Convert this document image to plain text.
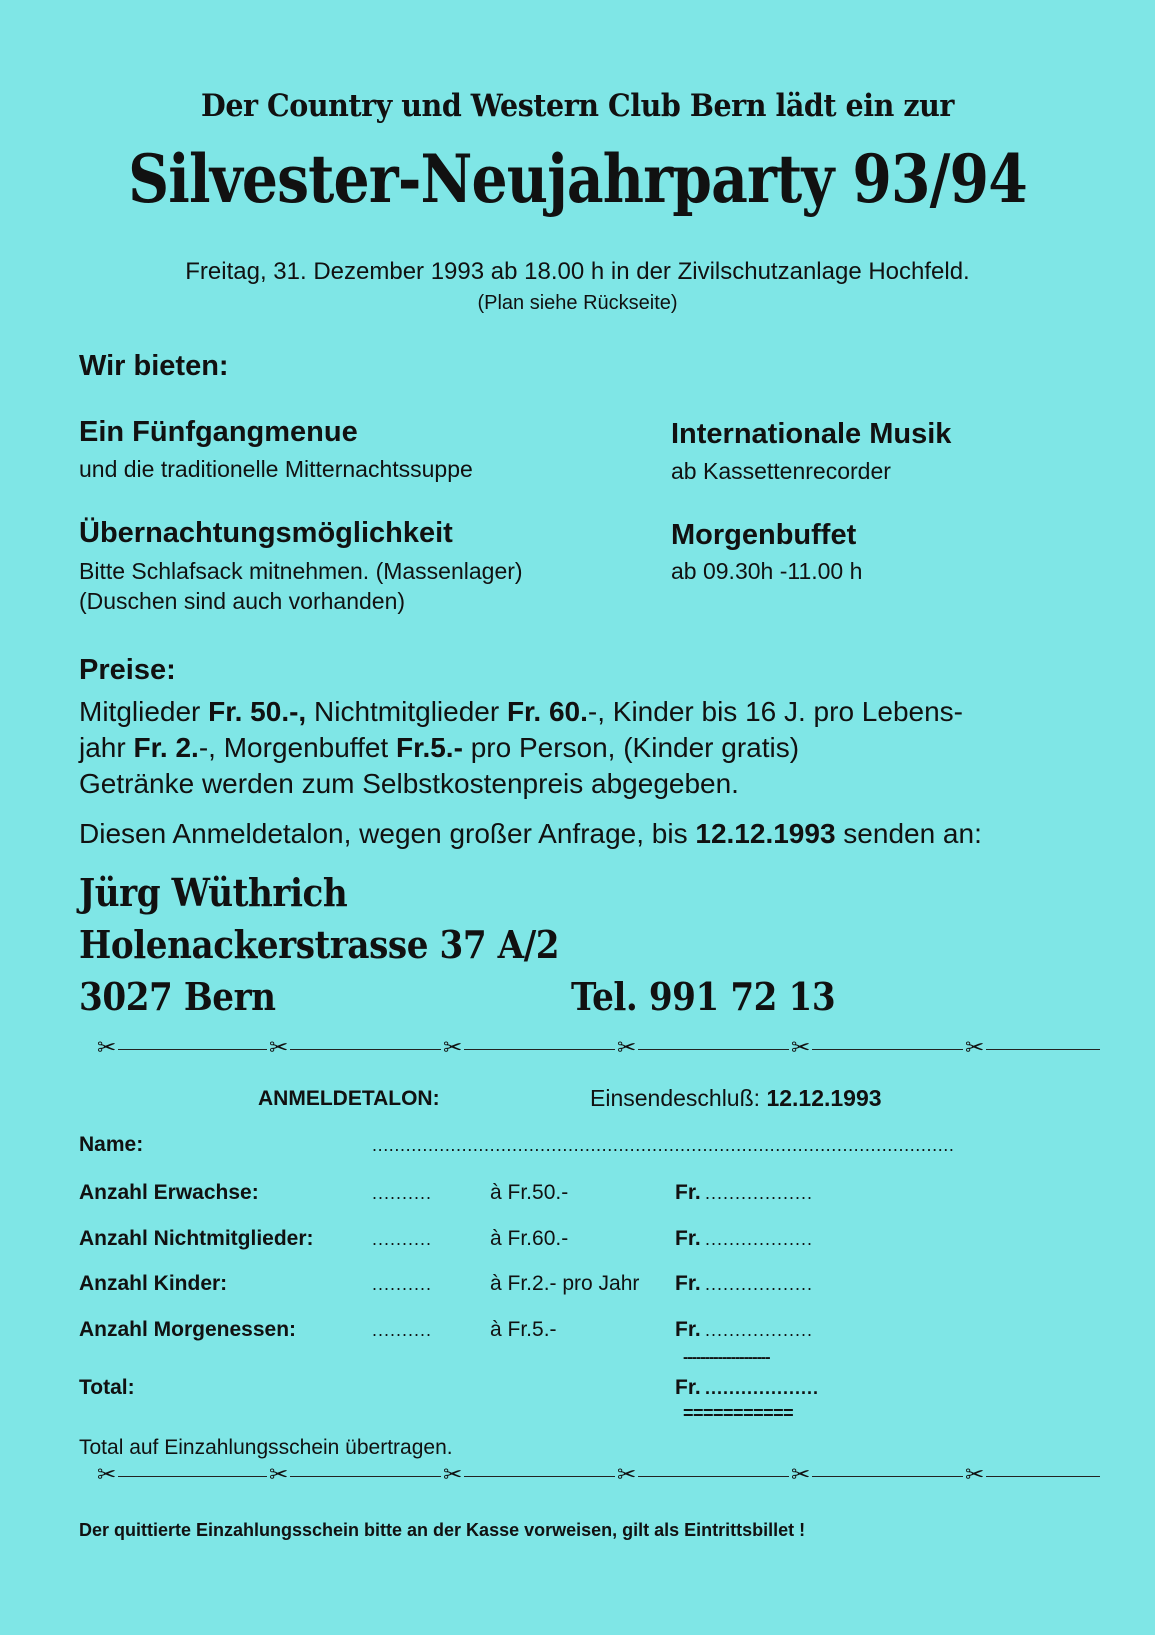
Der Country und Western Club Bern lädt ein zur
Silvester-Neujahrparty 93/94
Freitag, 31. Dezember 1993 ab 18.00 h in der Zivilschutzanlage Hochfeld.
(Plan siehe Rückseite)
Wir bieten:
Ein Fünfgangmenue
und die traditionelle Mitternachtssuppe
Internationale Musik
ab Kassettenrecorder
Übernachtungsmöglichkeit
Bitte Schlafsack mitnehmen. (Massenlager)
(Duschen sind auch vorhanden)
Morgenbuffet
ab 09.30h -11.00 h
Preise:
Mitglieder Fr. 50.-, Nichtmitglieder Fr. 60.-, Kinder bis 16 J. pro Lebens-
jahr Fr. 2.-, Morgenbuffet Fr.5.- pro Person, (Kinder gratis)
Getränke werden zum Selbstkostenpreis abgegeben.
Diesen Anmeldetalon, wegen großer Anfrage, bis 12.12.1993 senden an:
Jürg Wüthrich
Holenackerstrasse 37 A/2
3027 Bern	Tel. 991 72 13
✂	✂	✂	✂	✂	✂
ANMELDETALON:	Einsendeschluß: 12.12.1993
Name:	........................................................................................................
Anzahl Erwachse:	..........	à Fr.50.-	Fr. ..................
Anzahl Nichtmitglieder:	..........	à Fr.60.-	Fr. ..................
Anzahl Kinder:	..........	à Fr.2.- pro Jahr Fr. ..................
Anzahl Morgenessen:	..........	à Fr.5.-	Fr. ..................
--------------------
Total:	Fr. ...................
===========
Total auf Einzahlungsschein übertragen.
✂	✂	✂	✂	✂	✂
Der quittierte Einzahlungsschein bitte an der Kasse vorweisen, gilt als Eintrittsbillet !
